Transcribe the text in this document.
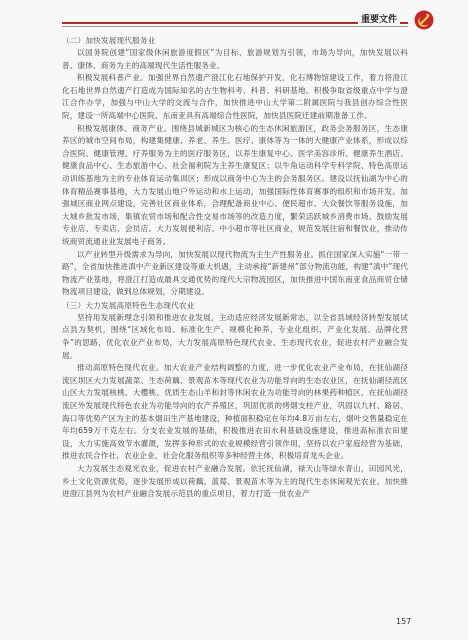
重要文件

（二）加快发展现代服务业

以国务院创建“国家级休闲旅游度假区”为目标，旅游规划为引领，市场为导向，加快发展以科普、康体、商务为主的高端现代生活性服务业。

积极发展科普产业。加强世界自然遗产澄江化石地保护开发，化石博物馆建设工作，着力将澄江化石地世界自然遗产打造成为国际知名的古生物科考、科普、科研基地。积极争取省级重点中学与澄江合作办学，加强与中山大学的交流与合作，加快推进中山大学第二附属医院与我县创办综合性医院，建设一所高端中心医院、东南亚具有高端综合性医院，加快县医院迁建前期准备工作。

积极发展康体、商务产业。围绕县城新城区为核心的生态休闲旅游区，政务会务服务区，生态康养区的城市空间布局，构建集健康、养老、养生、医疗、康体等为一体的大健康产业体系，形成以综合医院、健康管理、疗养服务为主的医疗服务区，以养生康复中心、医学美容诊所、健康养生酒店、健康食品中心、生态旅游中心、社会福利院为主养生康复区；以牛角运动科学专科学院、特色高原运动训练基地为主的专业体育运动集训区；形成以商务中心为主的会务服务区。建设以抚仙湖为中心的体育精品赛事基地，大力发展山地户外运动和水上运动，加强国际性体育赛事的组织和市场开发。加强城区商业网点建设，完善社区商业体系，合理配备商业中心、便民超市、大众餐饮等服务设施，加大城乡批发市场，集镇农贸市场和配合性交易市场等的改造力度，繁荣活跃城乡消费市场。鼓励发展专业店、专卖店、会员店。大力发展便利店、中小超市等社区商业，规范发展住宿和餐饮业，推动传统商贸流通业业发展电子商务。

以产业转型升级需求为导向，加快发展以现代物流为主生产性服务业。抓住国家深入实施“一带一路”，全省加快推进滇中产业新区建设等重大机遇，主动承接“新建州”部分物流功能，构建“滇中”现代物流产业基地，将澄江打造成最具交通优势的现代大宗物流园区，加快推进中国东南亚食品商贸仓储物流项目建设，做到总体规划，分期建设。

（三）大力发展高原特色生态现代农业

坚持用发展新理念引领和推进农业发展，主动适应经济发展新常态，以全省县域经济转型发展试点县为契机，围绕“区域化布局、标准化生产、规模化种养、专业化组织、产业化发展、品牌化营争”的思路，优化农业产业布局，大力发展高原特色现代农业、生态现代农业，促进农村产业融合发展。

推动高原特色现代农业。加大农业产业结构调整的力度，进一步优化农业产业布局，在抚仙湖径流区坝区大力发展蔬菜、生态荷藕、景观苗木等现代农业为功能导向的生态农业区，在抚仙湖径流区山区大力发展核桃、大樱桃、优质生态山羊和封等休闲农业为功能导向的林果药种植区，在抚仙湖径流区外发展现代特色农业为功能导向的农产养殖区，巩固优质的烤烟支柱产业，巩固以九村、路居、海口等优势产区为主的基本烟田生产基地建设，种植面积稳定在年均4.8万亩左右，烟叶交售量稳定在年均659万千克左右。分支农业发展的基础，积极推进农田水利基础设施建设，推进高标准农田建设，大力实施高效节水灌溉，发挥多种形式的农业规模经营引领作用，坚持以农户家庭经营为基础，推进农民合作社、农业企业、社会化服务组织等多种经营主体，积极培育龙头企业。

大力发展生态观光农业，促进农村产业融合发展。依托抚仙湖，禄天山等绿水青山，田园风光，乡土文化资源优势，逐步发展形成以荷藕、蓝莓、景观苗木等为主的现代生态休闲观光农业。加快推进澄江县列为农村产业融合发展示范县的重点项目，着力打造一批农业产

157
